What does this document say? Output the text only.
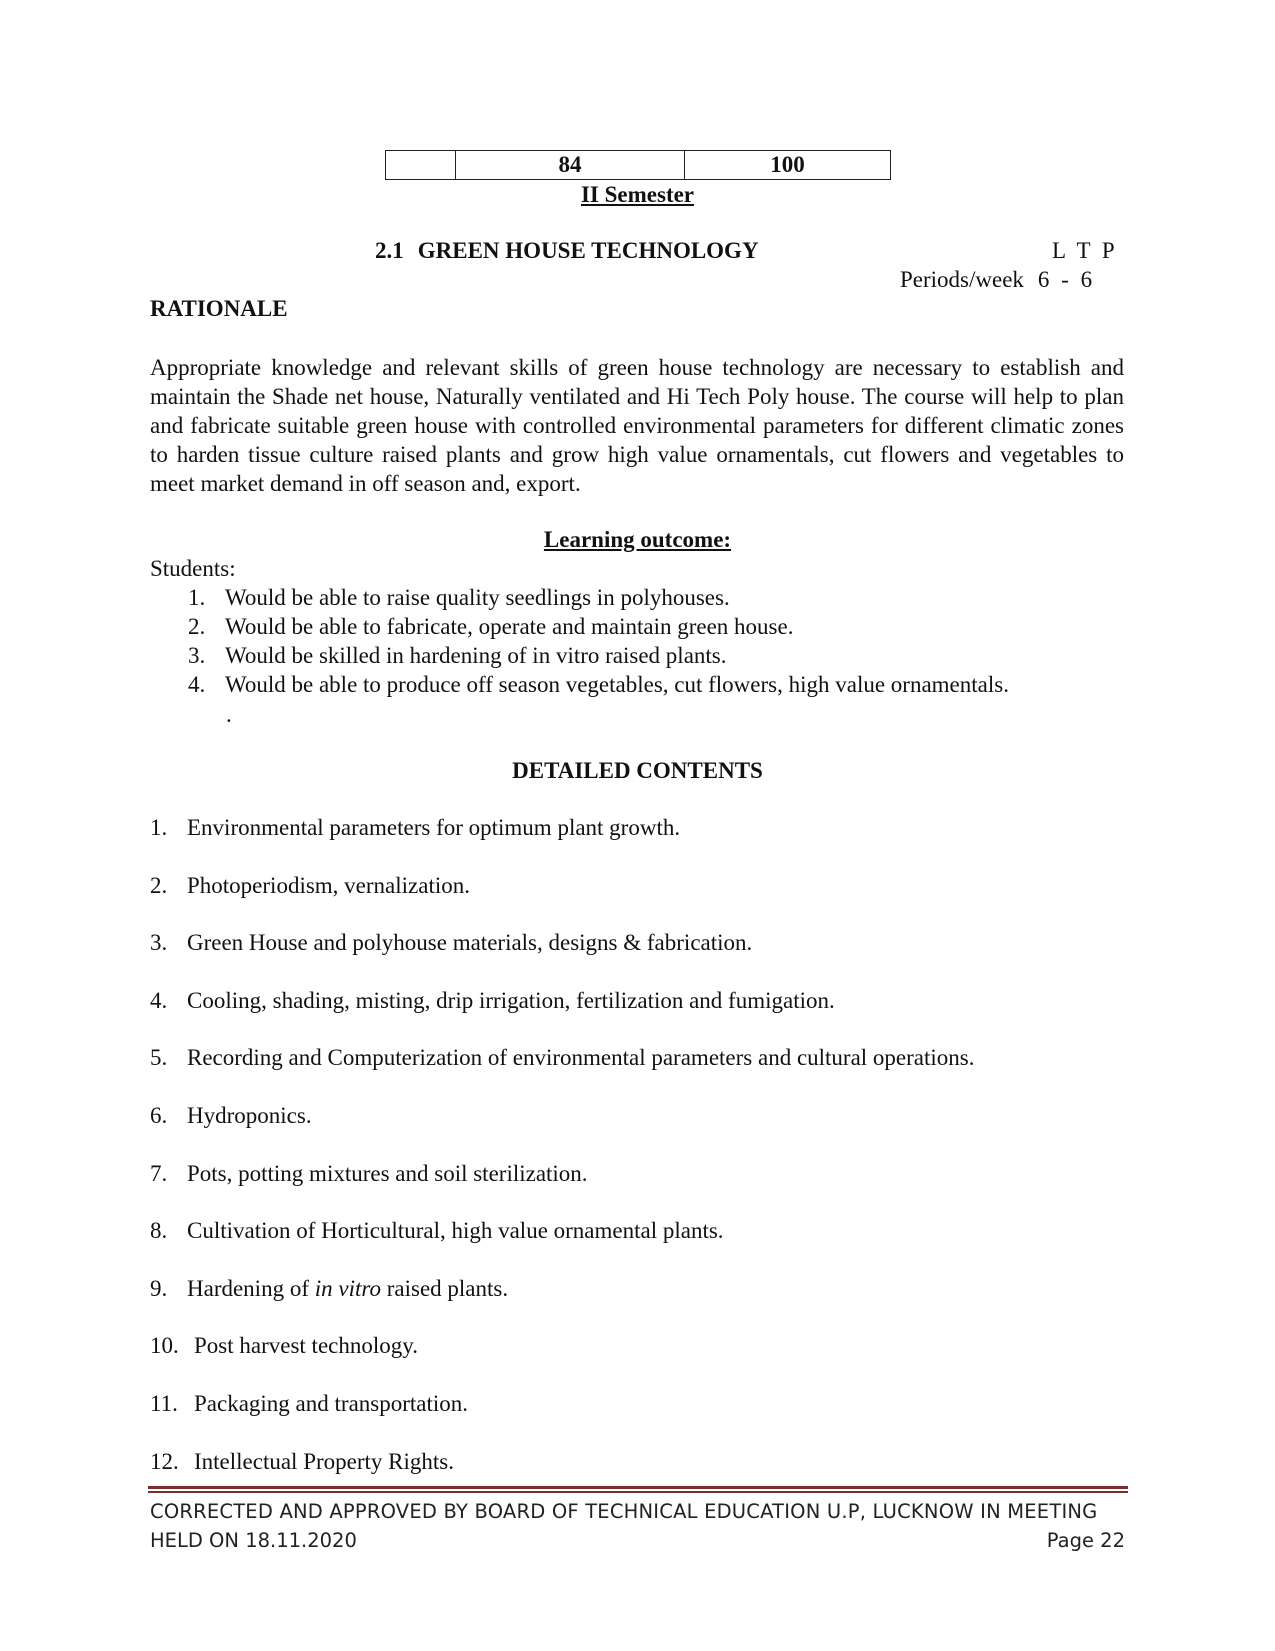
	84	100
II Semester
2.1 GREEN HOUSE TECHNOLOGY	L T P
Periods/week 6 - 6
RATIONALE

Appropriate knowledge and relevant skills of green house technology are necessary to establish and maintain the Shade net house, Naturally ventilated and Hi Tech Poly house. The course will help to plan and fabricate suitable green house with controlled environmental parameters for different climatic zones to harden tissue culture raised plants and grow high value ornamentals, cut flowers and vegetables to meet market demand in off season and, export.

Learning outcome:
Students:
1. Would be able to raise quality seedlings in polyhouses.
2. Would be able to fabricate, operate and maintain green house.
3. Would be skilled in hardening of in vitro raised plants.
4. Would be able to produce off season vegetables, cut flowers, high value ornamentals.
.
DETAILED CONTENTS
1. Environmental parameters for optimum plant growth.
2. Photoperiodism, vernalization.
3. Green House and polyhouse materials, designs & fabrication.
4. Cooling, shading, misting, drip irrigation, fertilization and fumigation.
5. Recording and Computerization of environmental parameters and cultural operations.
6. Hydroponics.
7. Pots, potting mixtures and soil sterilization.
8. Cultivation of Horticultural, high value ornamental plants.
9. Hardening of in vitro raised plants.
10. Post harvest technology.
11. Packaging and transportation.
12. Intellectual Property Rights.
CORRECTED AND APPROVED BY BOARD OF TECHNICAL EDUCATION U.P, LUCKNOW IN MEETING
HELD ON 18.11.2020	Page 22
